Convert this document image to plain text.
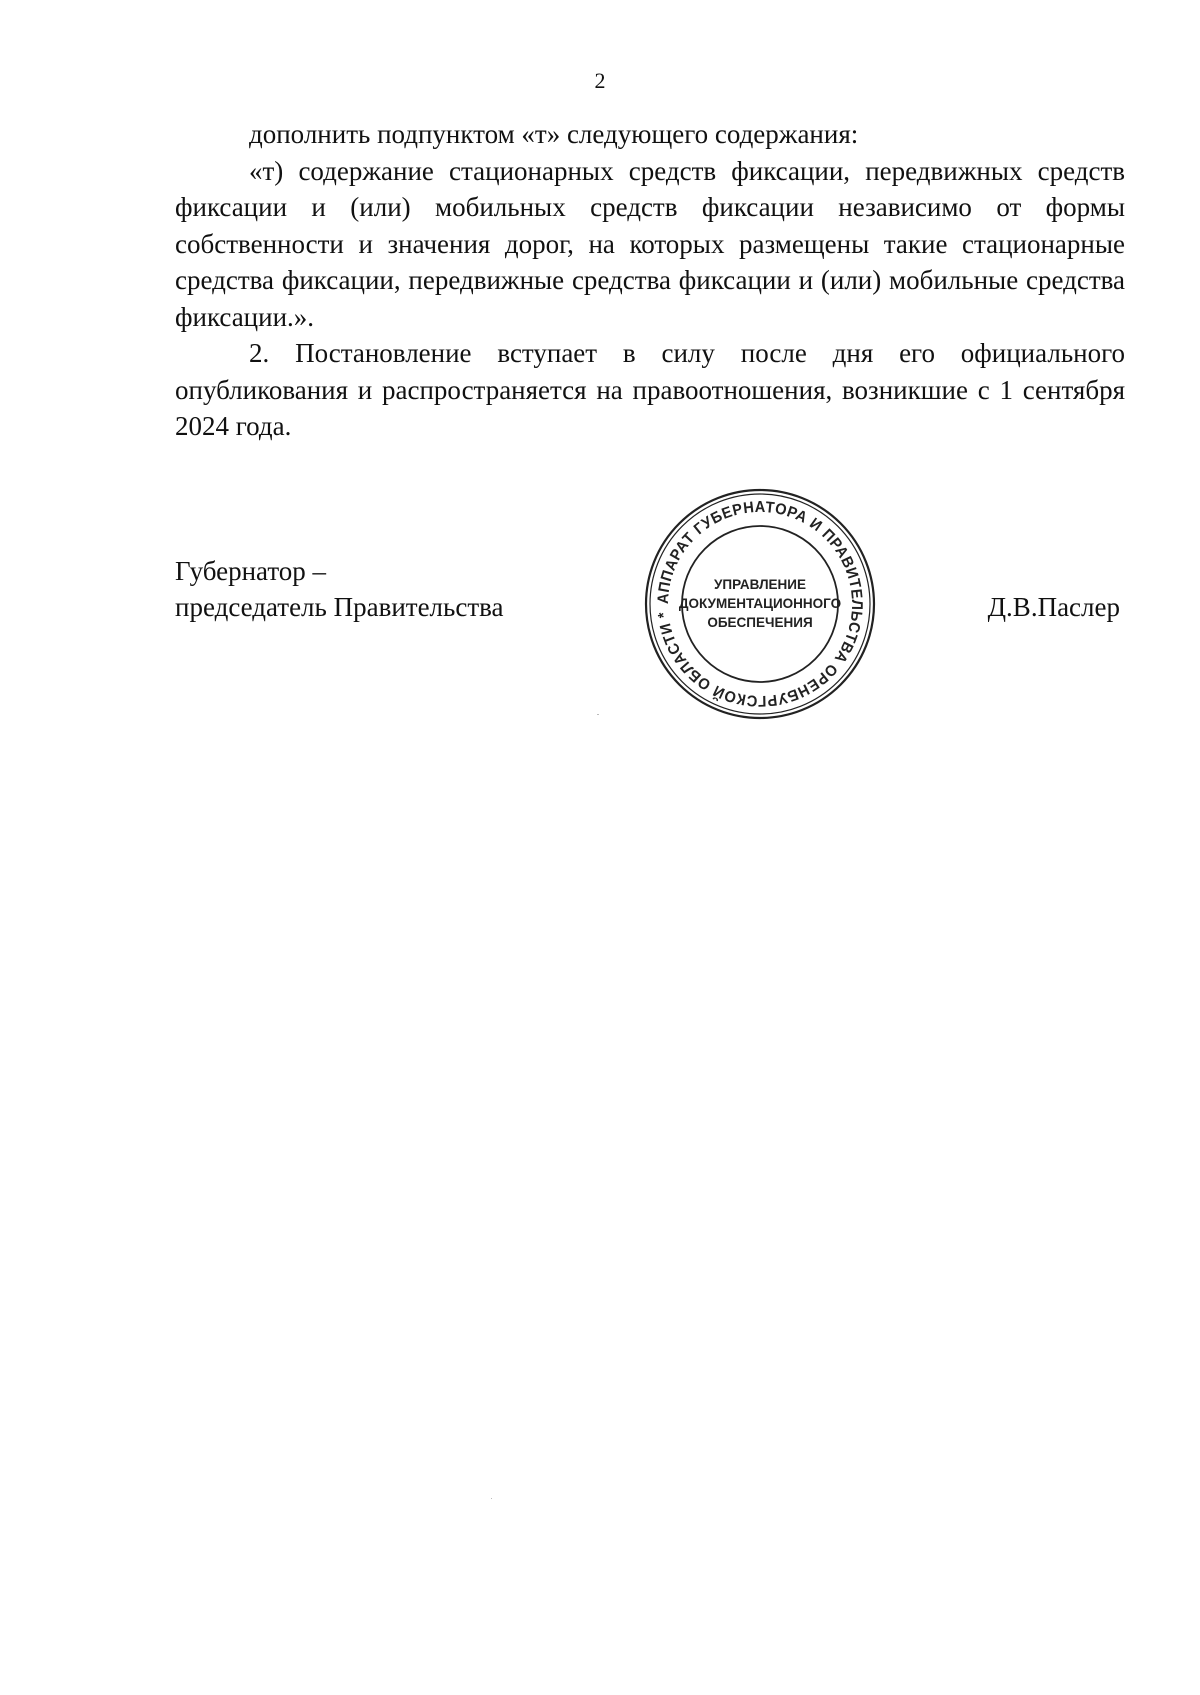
2

дополнить подпунктом «т» следующего содержания:

«т) содержание стационарных средств фиксации, передвижных средств фиксации и (или) мобильных средств фиксации независимо от формы собственности и значения дорог, на которых размещены такие стационарные средства фиксации, передвижные средства фиксации и (или) мобильные средства фиксации.».

2. Постановление вступает в силу после дня его официального опубликования и распространяется на правоотношения, возникшие с 1 сентября 2024 года.

Губернатор –
председатель Правительства	Д.В.Паслер
АППАРАТ ГУБЕРНАТОРА И ПРАВИТЕЛЬСТВА ОРЕНБУРГСКОЙ ОБЛАСТИ *
УПРАВЛЕНИЕ
ДОКУМЕНТАЦИОННОГО
ОБЕСПЕЧЕНИЯ
